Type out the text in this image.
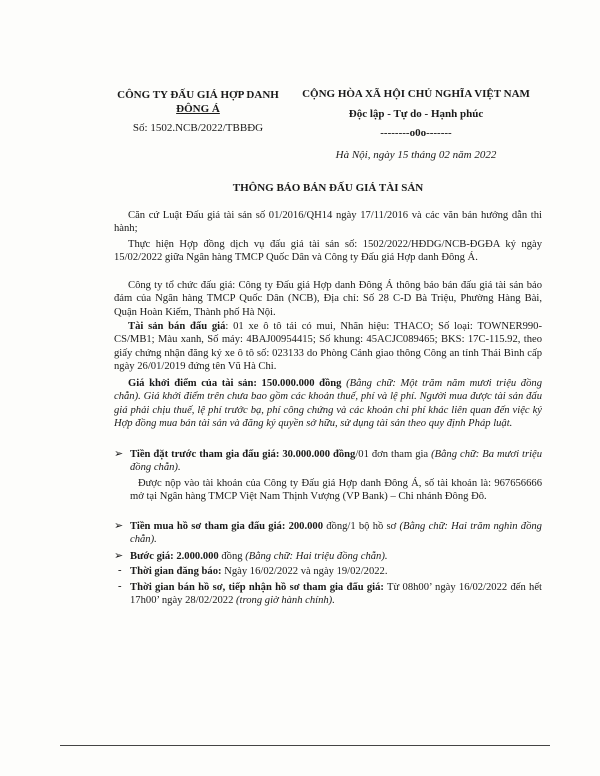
CÔNG TY ĐẤU GIÁ HỢP DANH
ĐÔNG Á
Số: 1502.NCB/2022/TBBĐG
CỘNG HÒA XÃ HỘI CHỦ NGHĨA VIỆT NAM
Độc lập - Tự do - Hạnh phúc
--------o0o-------
Hà Nội, ngày 15 tháng 02 năm 2022
THÔNG BÁO BÁN ĐẤU GIÁ TÀI SẢN
Căn cứ Luật Đấu giá tài sản số 01/2016/QH14 ngày 17/11/2016 và các văn bản hướng dẫn thi hành;
Thực hiện Hợp đồng dịch vụ đấu giá tài sản số: 1502/2022/HĐDG/NCB-ĐGĐA ký ngày 15/02/2022 giữa Ngân hàng TMCP Quốc Dân và Công ty Đấu giá Hợp danh Đông Á.
Công ty tổ chức đấu giá: Công ty Đấu giá Hợp danh Đông Á thông báo bán đấu giá tài sản bảo đảm của Ngân hàng TMCP Quốc Dân (NCB), Địa chỉ: Số 28 C-D Bà Triệu, Phường Hàng Bài, Quận Hoàn Kiếm, Thành phố Hà Nội.
Tài sản bán đấu giá: 01 xe ô tô tải có mui, Nhãn hiệu: THACO; Số loại: TOWNER990-CS/MB1; Màu xanh, Số máy: 4BAJ00954415; Số khung: 45ACJC089465; BKS: 17C-115.92, theo giấy chứng nhận đăng ký xe ô tô số: 023133 do Phòng Cảnh giao thông Công an tỉnh Thái Bình cấp ngày 26/01/2019 đứng tên Vũ Hà Chi.
Giá khởi điểm của tài sản: 150.000.000 đồng (Bằng chữ: Một trăm năm mươi triệu đồng chẵn). Giá khởi điểm trên chưa bao gồm các khoản thuế, phí và lệ phí. Người mua được tài sản đấu giá phải chịu thuế, lệ phí trước bạ, phí công chứng và các khoản chi phí khác liên quan đến việc ký Hợp đồng mua bán tài sản và đăng ký quyền sở hữu, sử dụng tài sản theo quy định Pháp luật.
➢ Tiền đặt trước tham gia đấu giá: 30.000.000 đồng/01 đơn tham gia (Bằng chữ: Ba mươi triệu đồng chẵn).
Được nộp vào tài khoản của Công ty Đấu giá Hợp danh Đông Á, số tài khoản là: 967656666 mở tại Ngân hàng TMCP Việt Nam Thịnh Vượng (VP Bank) – Chi nhánh Đông Đô.
➢ Tiền mua hồ sơ tham gia đấu giá: 200.000 đồng/1 bộ hồ sơ (Bằng chữ: Hai trăm nghìn đồng chẵn).
➢ Bước giá: 2.000.000 đồng (Bằng chữ: Hai triệu đồng chẵn).
- Thời gian đăng báo: Ngày 16/02/2022 và ngày 19/02/2022.
- Thời gian bán hồ sơ, tiếp nhận hồ sơ tham gia đấu giá: Từ 08h00’ ngày 16/02/2022 đến hết 17h00’ ngày 28/02/2022 (trong giờ hành chính).
